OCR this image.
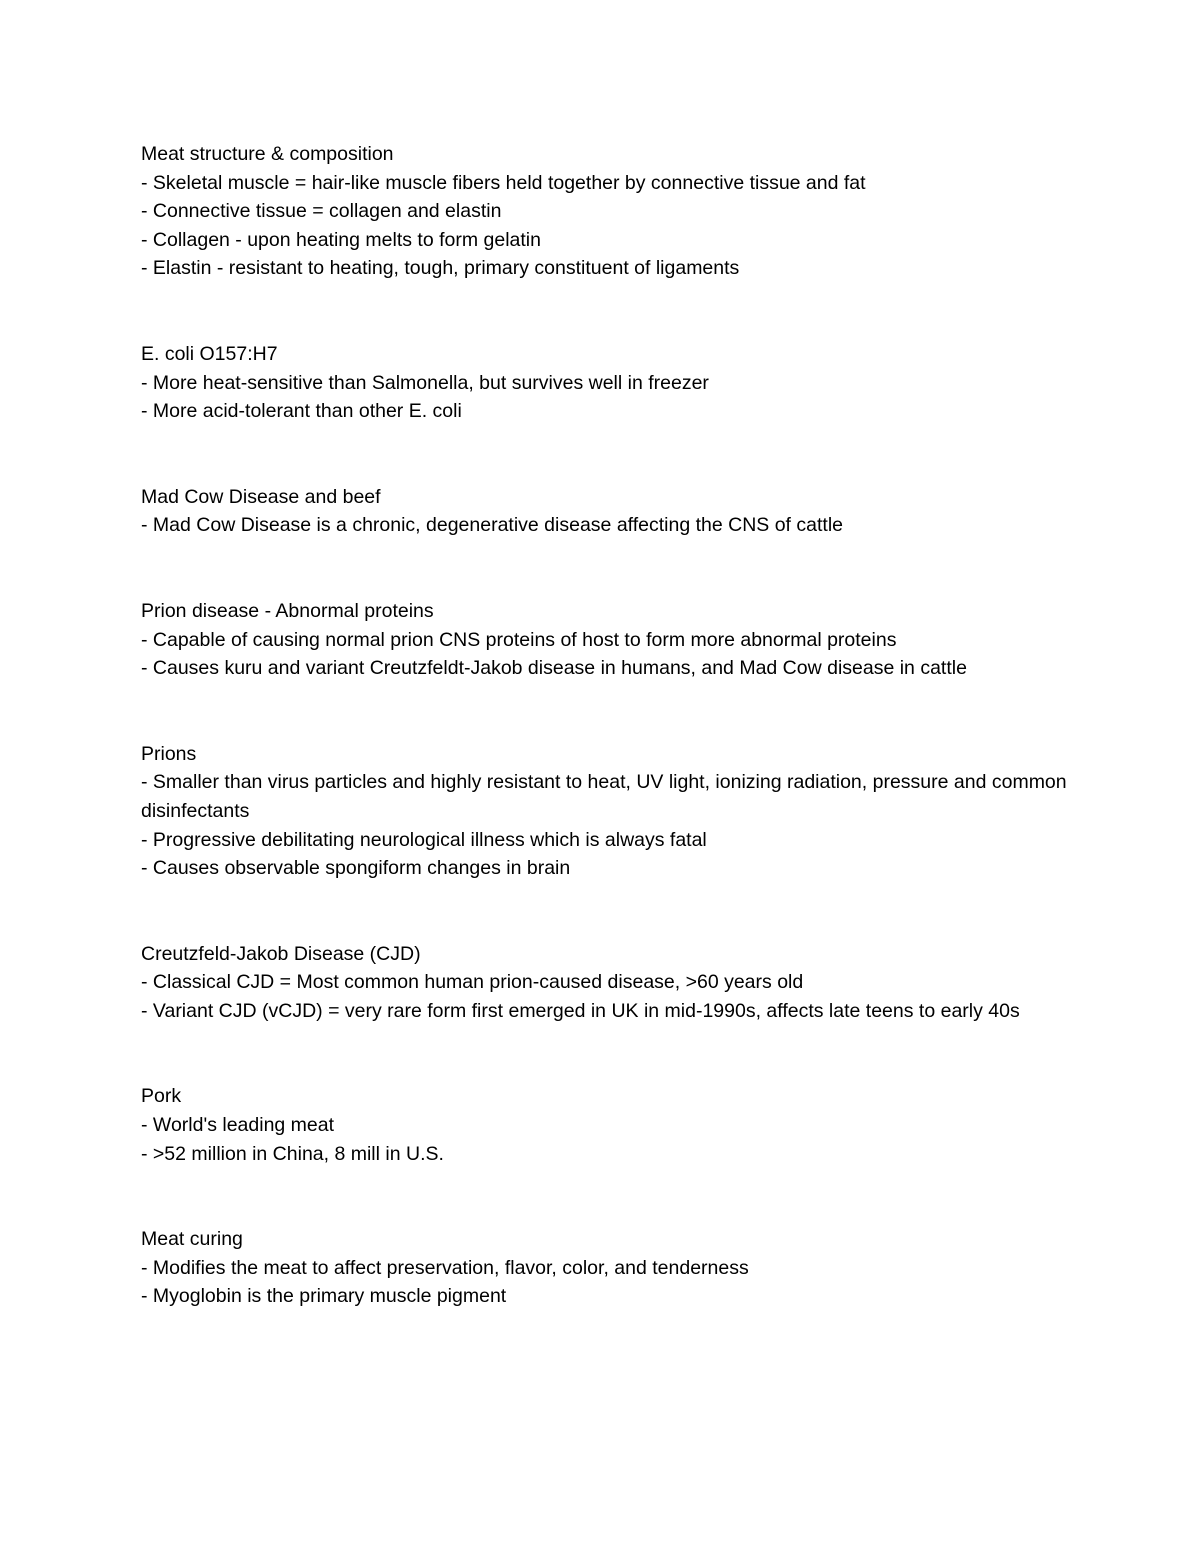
Meat structure & composition

- Skeletal muscle = hair-like muscle fibers held together by connective tissue and fat

- Connective tissue = collagen and elastin

- Collagen - upon heating melts to form gelatin

- Elastin - resistant to heating, tough, primary constituent of ligaments

E. coli O157:H7

- More heat-sensitive than Salmonella, but survives well in freezer

- More acid-tolerant than other E. coli

Mad Cow Disease and beef

- Mad Cow Disease is a chronic, degenerative disease affecting the CNS of cattle

Prion disease - Abnormal proteins

- Capable of causing normal prion CNS proteins of host to form more abnormal proteins

- Causes kuru and variant Creutzfeldt-Jakob disease in humans, and Mad Cow disease in cattle

Prions

- Smaller than virus particles and highly resistant to heat, UV light, ionizing radiation, pressure and common disinfectants

- Progressive debilitating neurological illness which is always fatal

- Causes observable spongiform changes in brain

Creutzfeld-Jakob Disease (CJD)

- Classical CJD = Most common human prion-caused disease, >60 years old

- Variant CJD (vCJD) = very rare form first emerged in UK in mid-1990s, affects late teens to early 40s

Pork

- World's leading meat

- >52 million in China, 8 mill in U.S.

Meat curing

- Modifies the meat to affect preservation, flavor, color, and tenderness

- Myoglobin is the primary muscle pigment
